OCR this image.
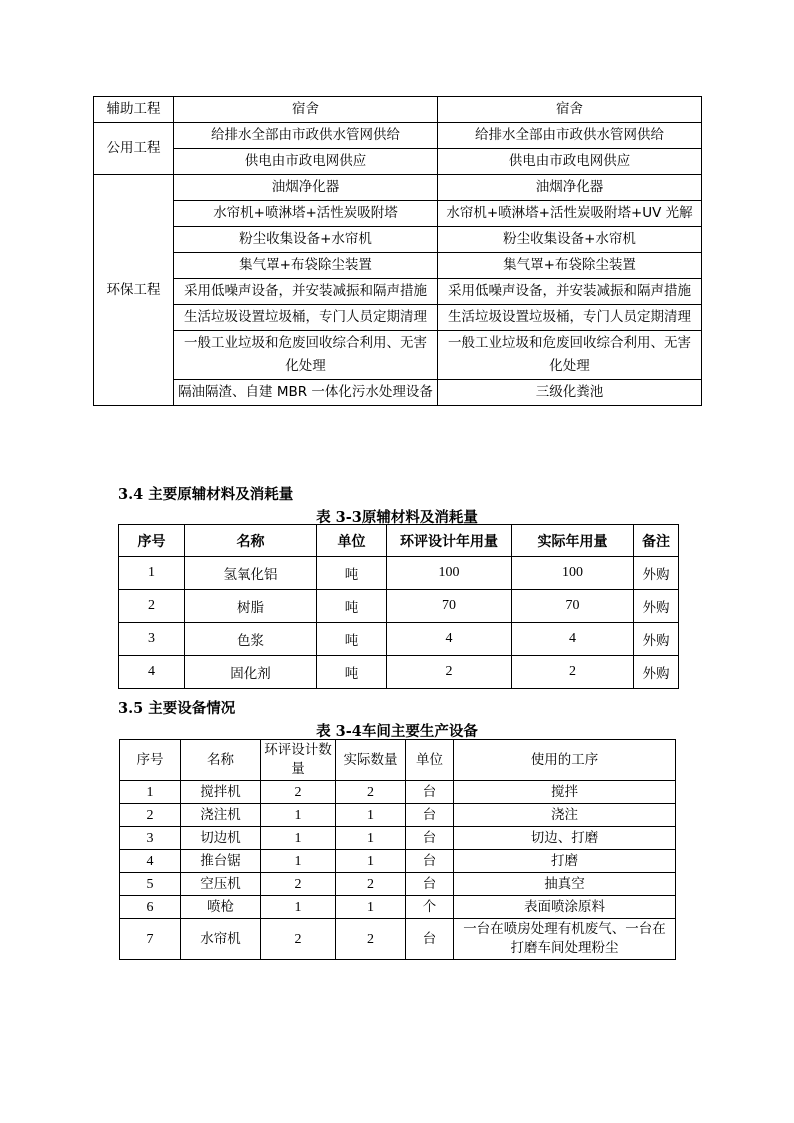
辅助工程	宿舍	宿舍
公用工程	给排水全部由市政供水管网供给	给排水全部由市政供水管网供给
	供电由市政电网供应	供电由市政电网供应
环保工程	油烟净化器	油烟净化器
	水帘机+喷淋塔+活性炭吸附塔	水帘机+喷淋塔+活性炭吸附塔+UV 光解
	粉尘收集设备+水帘机	粉尘收集设备+水帘机
	集气罩+布袋除尘装置	集气罩+布袋除尘装置
	采用低噪声设备，并安装减振和隔声措施	采用低噪声设备，并安装减振和隔声措施
	生活垃圾设置垃圾桶，专门人员定期清理	生活垃圾设置垃圾桶，专门人员定期清理
	一般工业垃圾和危废回收综合利用、无害化处理	一般工业垃圾和危废回收综合利用、无害化处理
	隔油隔渣、自建 MBR 一体化污水处理设备	三级化粪池
3.4 主要原辅材料及消耗量
表 3-3原辅材料及消耗量
序号	名称	单位	环评设计年用量	实际年用量	备注
1	氢氧化铝	吨	100	100	外购
2	树脂	吨	70	70	外购
3	色浆	吨	4	4	外购
4	固化剂	吨	2	2	外购
3.5 主要设备情况
表 3-4车间主要生产设备
序号	名称	环评设计数量	实际数量	单位	使用的工序
1	搅拌机	2	2	台	搅拌
2	浇注机	1	1	台	浇注
3	切边机	1	1	台	切边、打磨
4	推台锯	1	1	台	打磨
5	空压机	2	2	台	抽真空
6	喷枪	1	1	个	表面喷涂原料
7	水帘机	2	2	台	一台在喷房处理有机废气、一台在打磨车间处理粉尘
